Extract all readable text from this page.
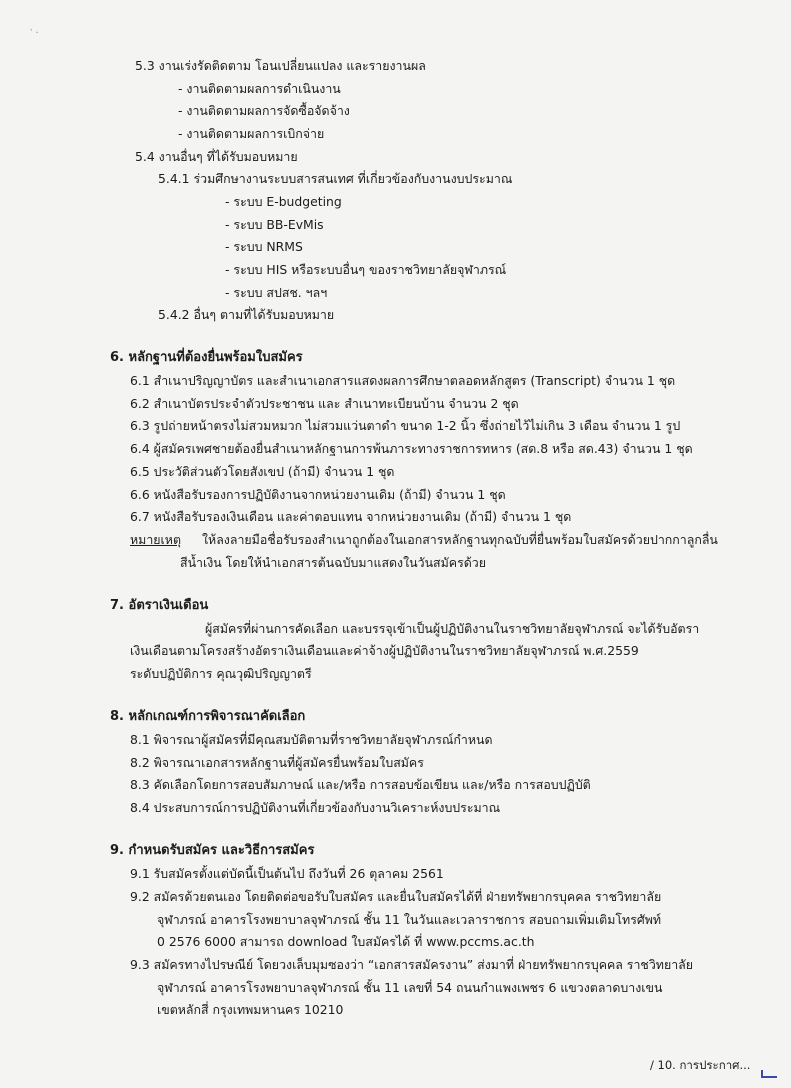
‵ ·
5.3 งานเร่งรัดติดตาม โอนเปลี่ยนแปลง และรายงานผล
- งานติดตามผลการดำเนินงาน
- งานติดตามผลการจัดซื้อจัดจ้าง
- งานติดตามผลการเบิกจ่าย
5.4 งานอื่นๆ ที่ได้รับมอบหมาย
5.4.1 ร่วมศึกษางานระบบสารสนเทศ ที่เกี่ยวข้องกับงานงบประมาณ
- ระบบ E-budgeting
- ระบบ BB-EvMis
- ระบบ NRMS
- ระบบ HIS หรือระบบอื่นๆ ของราชวิทยาลัยจุฬาภรณ์
- ระบบ สปสช. ฯลฯ
5.4.2 อื่นๆ ตามที่ได้รับมอบหมาย
6. หลักฐานที่ต้องยื่นพร้อมใบสมัคร
6.1 สำเนาปริญญาบัตร และสำเนาเอกสารแสดงผลการศึกษาตลอดหลักสูตร (Transcript) จำนวน 1 ชุด
6.2 สำเนาบัตรประจำตัวประชาชน และ สำเนาทะเบียนบ้าน จำนวน 2 ชุด
6.3 รูปถ่ายหน้าตรงไม่สวมหมวก ไม่สวมแว่นตาดำ ขนาด 1-2 นิ้ว ซึ่งถ่ายไว้ไม่เกิน 3 เดือน จำนวน 1 รูป
6.4 ผู้สมัครเพศชายต้องยื่นสำเนาหลักฐานการพ้นภาระทางราชการทหาร (สด.8 หรือ สด.43) จำนวน 1 ชุด
6.5 ประวัติส่วนตัวโดยสังเขป (ถ้ามี) จำนวน 1 ชุด
6.6 หนังสือรับรองการปฏิบัติงานจากหน่วยงานเดิม (ถ้ามี) จำนวน 1 ชุด
6.7 หนังสือรับรองเงินเดือน และค่าตอบแทน จากหน่วยงานเดิม (ถ้ามี) จำนวน 1 ชุด
หมายเหตุ ให้ลงลายมือชื่อรับรองสำเนาถูกต้องในเอกสารหลักฐานทุกฉบับที่ยื่นพร้อมใบสมัครด้วยปากกาลูกลื่น
สีน้ำเงิน โดยให้นำเอกสารต้นฉบับมาแสดงในวันสมัครด้วย
7. อัตราเงินเดือน
ผู้สมัครที่ผ่านการคัดเลือก และบรรจุเข้าเป็นผู้ปฏิบัติงานในราชวิทยาลัยจุฬาภรณ์ จะได้รับอัตรา
เงินเดือนตามโครงสร้างอัตราเงินเดือนและค่าจ้างผู้ปฏิบัติงานในราชวิทยาลัยจุฬาภรณ์ พ.ศ.2559
ระดับปฏิบัติการ คุณวุฒิปริญญาตรี
8. หลักเกณฑ์การพิจารณาคัดเลือก
8.1 พิจารณาผู้สมัครที่มีคุณสมบัติตามที่ราชวิทยาลัยจุฬาภรณ์กำหนด
8.2 พิจารณาเอกสารหลักฐานที่ผู้สมัครยื่นพร้อมใบสมัคร
8.3 คัดเลือกโดยการสอบสัมภาษณ์ และ/หรือ การสอบข้อเขียน และ/หรือ การสอบปฏิบัติ
8.4 ประสบการณ์การปฏิบัติงานที่เกี่ยวข้องกับงานวิเคราะห์งบประมาณ
9. กำหนดรับสมัคร และวิธีการสมัคร
9.1 รับสมัครตั้งแต่บัดนี้เป็นต้นไป ถึงวันที่ 26 ตุลาคม 2561
9.2 สมัครด้วยตนเอง โดยติดต่อขอรับใบสมัคร และยื่นใบสมัครได้ที่ ฝ่ายทรัพยากรบุคคล ราชวิทยาลัย
จุฬาภรณ์ อาคารโรงพยาบาลจุฬาภรณ์ ชั้น 11 ในวันและเวลาราชการ สอบถามเพิ่มเติมโทรศัพท์
0 2576 6000 สามารถ download ใบสมัครได้ ที่ www.pccms.ac.th
9.3 สมัครทางไปรษณีย์ โดยวงเล็บมุมซองว่า “เอกสารสมัครงาน” ส่งมาที่ ฝ่ายทรัพยากรบุคคล ราชวิทยาลัย
จุฬาภรณ์ อาคารโรงพยาบาลจุฬาภรณ์ ชั้น 11 เลขที่ 54 ถนนกำแพงเพชร 6 แขวงตลาดบางเขน
เขตหลักสี่ กรุงเทพมหานคร 10210
/ 10. การประกาศ...
